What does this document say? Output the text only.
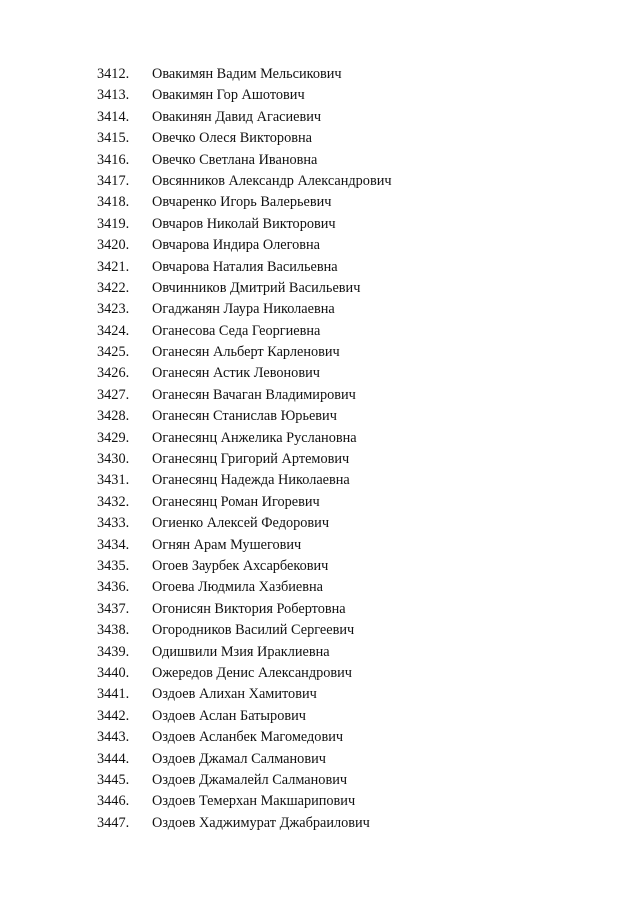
3412.	Овакимян Вадим Мельсикович
3413.	Овакимян Гор Ашотович
3414.	Овакинян Давид Агасиевич
3415.	Овечко Олеся Викторовна
3416.	Овечко Светлана Ивановна
3417.	Овсянников Александр Александрович
3418.	Овчаренко Игорь Валерьевич
3419.	Овчаров Николай Викторович
3420.	Овчарова Индира Олеговна
3421.	Овчарова Наталия Васильевна
3422.	Овчинников Дмитрий Васильевич
3423.	Огаджанян Лаура Николаевна
3424.	Оганесова Седа Георгиевна
3425.	Оганесян Альберт Карленович
3426.	Оганесян Астик Левонович
3427.	Оганесян Вачаган Владимирович
3428.	Оганесян Станислав Юрьевич
3429.	Оганесянц Анжелика Руслановна
3430.	Оганесянц Григорий Артемович
3431.	Оганесянц Надежда Николаевна
3432.	Оганесянц Роман Игоревич
3433.	Огиенко Алексей Федорович
3434.	Огнян Арам Мушегович
3435.	Огоев Заурбек Ахсарбекович
3436.	Огоева Людмила Хазбиевна
3437.	Огонисян Виктория Робертовна
3438.	Огородников Василий Сергеевич
3439.	Одишвили Мзия Ираклиевна
3440.	Ожередов Денис Александрович
3441.	Оздоев Алихан Хамитович
3442.	Оздоев Аслан Батырович
3443.	Оздоев Асланбек Магомедович
3444.	Оздоев Джамал Салманович
3445.	Оздоев Джамалейл Салманович
3446.	Оздоев Темерхан Макшарипович
3447.	Оздоев Хаджимурат Джабраилович
